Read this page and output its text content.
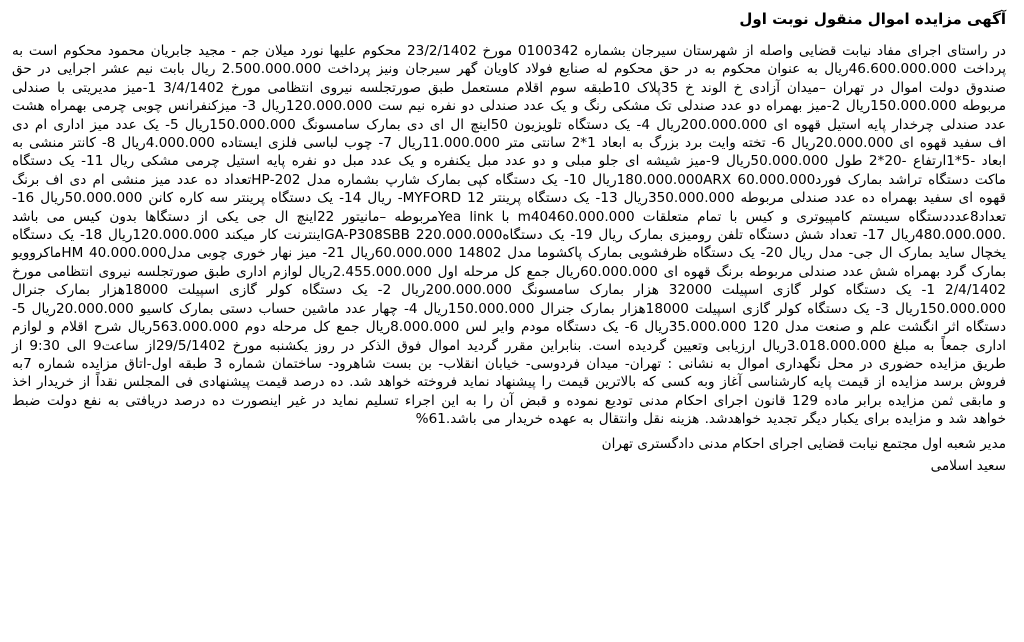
آگهی مزایده اموال منقول نوبت اول
در راستای اجرای مفاد نیابت قضایی واصله از شهرستان سیرجان بشماره 0100342 مورخ 23/2/1402 محکوم علیها نورد میلان جم - مجید جابریان محمود محکوم است به پرداخت 46.600.000.000ریال به عنوان محکوم به در حق محکوم له صنایع فولاد کاویان گهر سیرجان ونیز پرداخت 2.500.000.000 ریال بابت نیم عشر اجرایی در حق صندوق دولت اموال در تهران –میدان آزادی خ الوند خ 35پلاک 10طبقه سوم اقلام مستعمل طبق صورتجلسه نیروی انتظامی مورخ 3/4/1402 1-میز مدیریتی با صندلی مربوطه 150.000.000ریال 2-میز بهمراه دو عدد صندلی تک مشکی رنگ و یک عدد صندلی دو نفره نیم ست 120.000.000ریال 3- میزکنفرانس چوبی چرمی بهمراه هشت عدد صندلی چرخدار پایه استیل قهوه ای 200.000.000ریال 4- یک دستگاه تلویزیون 50اینچ ال ای دی بمارک سامسونگ 150.000.000ریال 5- یک عدد میز اداری ام دی اف سفید قهوه ای 20.000.000ریال 6- تخته وایت برد بزرگ به ابعاد 1*2 سانتی متر 11.000.000ریال 7- چوب لباسی فلزی ایستاده 4.000.000ریال 8- کانتر منشی به ابعاد -5*1ارتفاع -20*2 طول 50.000.000ریال 9-میز شیشه ای جلو مبلی و دو عدد مبل یکنفره و یک عدد مبل دو نفره پایه استیل چرمی مشکی ریال 11- یک دستگاه ماکت دستگاه تراشد بمارک فورد180.000.000ARX 60.000.000ریال 10- یک دستگاه کپی بمارک شارپ بشماره مدل 202-HPتعداد ده عدد میز منشی ام دی اف برنگ قهوه ای سفید بهمراه ده عدد صندلی مربوطه 350.000.000ریال 13- یک دستگاه پرینتر MYFORD 12- ریال 14- یک دستگاه پرینتر سه کاره کانن 50.000.000ریال 16- تعداد8عدددستگاه سیستم کامپیوتری و کیس با تمام متعلقات m40460.000.000 با Yea linkمربوطه –مانیتور 22اینچ ال جی یکی از دستگاها بدون کیس می باشد .480.000.000ریال 17- تعداد شش دستگاه تلفن رومیزی بمارک ریال 19- یک دستگاه220.000.000 GA-P308SBBاینترنت کار میکند 120.000.000ریال 18- یک دستگاه یخچال ساید بمارک ال جی- مدل ریال 20- یک دستگاه ظرفشویی بمارک پاکشوما مدل 14802 60.000.000ریال 21- میز نهار خوری چوبی مدلHM 40.000.000ماکروویو بمارک گرد بهمراه شش عدد صندلی مربوطه برنگ قهوه ای 60.000.000ریال جمع کل مرحله اول 2.455.000.000ریال لوازم اداری طبق صورتجلسه نیروی انتظامی مورخ 2/4/1402 1- یک دستگاه کولر گازی اسپیلت 32000 هزار بمارک سامسونگ 200.000.000ریال 2- یک دستگاه کولر گازی اسپیلت 18000هزار بمارک جنرال 150.000.000ریال 3- یک دستگاه کولر گازی اسپیلت 18000هزار بمارک جنرال 150.000.000ریال 4- چهار عدد ماشین حساب دستی بمارک کاسیو 20.000.000ریال 5- دستگاه اثر انگشت علم و صنعت مدل 120 35.000.000ریال 6- یک دستگاه مودم وایر لس 8.000.000ریال جمع کل مرحله دوم 563.000.000ریال شرح اقلام و لوازم اداری جمعاً به مبلغ 3.018.000.000ریال ارزیابی وتعیین گردیده است. بنابراین مقرر گردید اموال فوق الذکر در روز یکشنبه مورخ 29/5/1402از ساعت9 الی 9:30 از طریق مزایده حضوری در محل نگهداری اموال به نشانی : تهران- میدان فردوسی- خیابان انقلاب- بن بست شاهرود- ساختمان شماره 3 طبقه اول-اتاق مزایده شماره 7به فروش برسد مزایده از قیمت پایه کارشناسی آغاز وبه کسی که بالاترین قیمت را پیشنهاد نماید فروخته خواهد شد. ده درصد قیمت پیشنهادی فی المجلس نقداً از خریدار اخذ و مابقی ثمن مزایده برابر ماده 129 قانون اجرای احکام مدنی تودیع نموده و قبض آن را به این اجراء تسلیم نماید در غیر اینصورت ده درصد دریافتی به نفع دولت ضبط خواهد شد و مزایده برای یکبار دیگر تجدید خواهدشد. هزینه نقل وانتقال به عهده خریدار می باشد.61%
مدیر شعبه اول مجتمع نیابت قضایی اجرای احکام مدنی دادگستری تهران
سعید اسلامی
